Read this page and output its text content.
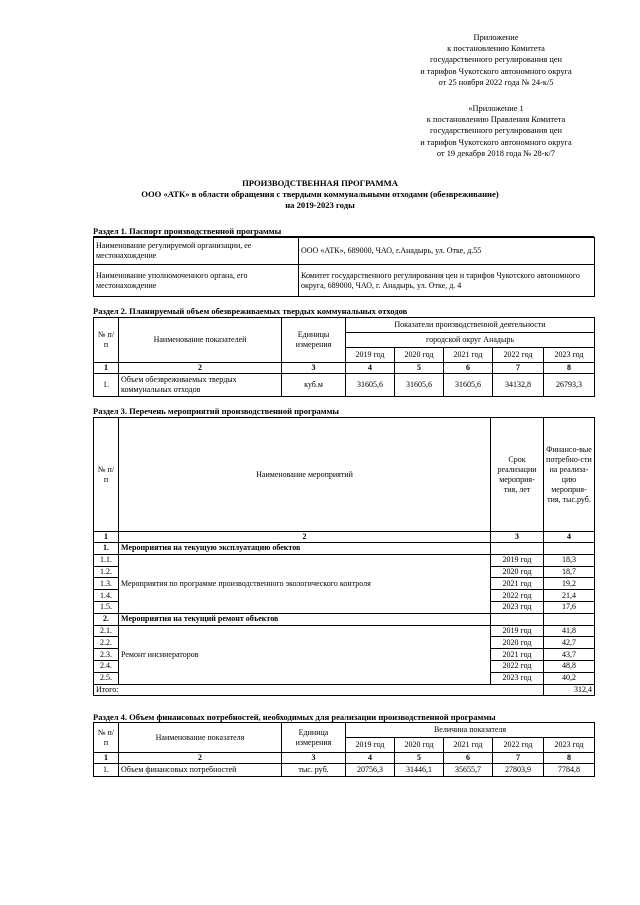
Приложение
к постановлению Комитета
государственного регулирования цен
и тарифов Чукотского автономного округа
от 25 ноября 2022 года № 24-к/5
«Приложение 1
к постановлению Правления Комитета
государственного регулирования цен
и тарифов Чукотского автономного округа
от 19 декабря 2018 года № 28-к/7
ПРОИЗВОДСТВЕННАЯ ПРОГРАММА
ООО «АТК» в области обращения с твердыми коммунальными отходами (обезвреживание)
на 2019-2023 годы
Раздел 1. Паспорт производственной программы
Наименование регулируемой организации, ее местонахождение	ООО «АТК», 689000, ЧАО, г.Анадырь, ул. Отке, д.55
Наименование уполномоченного органа, его местонахождение	Комитет государственного регулирования цен и тарифов Чукотского автономного округа, 689000, ЧАО, г. Анадырь, ул. Отке, д. 4
Раздел 2. Планируемый объем обезвреживаемых твердых коммунальных отходов
№ п/п	Наименование показателей	Единицы измерения	Показатели производственной деятельности				
			городской округ Анадырь				
			2019 год	2020 год	2021 год	2022 год	2023 год
1	2	3	4	5	6	7	8
1.	Объем обезвреживаемых твердых коммунальных отходов	куб.м	31605,6	31605,6	31605,6	34132,8	26793,3
Раздел 3. Перечень мероприятий производственной программы
№ п/п	Наименование мероприятий	Срок реализации мероприя-тия, лет	Финансо-вые потребно-сти на реализа-цию мероприя-тия, тыс.руб.
1	2	3	4
1.	Мероприятия на текущую эксплуатацию обектов		
1.1.	Мероприятия по программе производственного экологического контроля	2019 год	18,3
1.2.		2020 год	18,7
1.3.		2021 год	19,2
1.4.		2022 год	21,4
1.5.		2023 год	17,6
2.	Мероприятия на текущий ремонт объектов		
2.1.	Ремонт инсинераторов	2019 год	41,8
2.2.		2020 год	42,7
2.3.		2021 год	43,7
2.4.		2022 год	48,8
2.5.		2023 год	40,2
Итого:			312,4
Раздел 4. Объем финансовых потребностей, необходимых для реализации производственной программы
№ п/п	Наименование показателя	Единица измерения	Величина показателя				
			2019 год	2020 год	2021 год	2022 год	2023 год
1	2	3	4	5	6	7	8
1.	Объем финансовых потребностей	тыс. руб.	20756,3	31446,1	35655,7	27803,9	7784,8
